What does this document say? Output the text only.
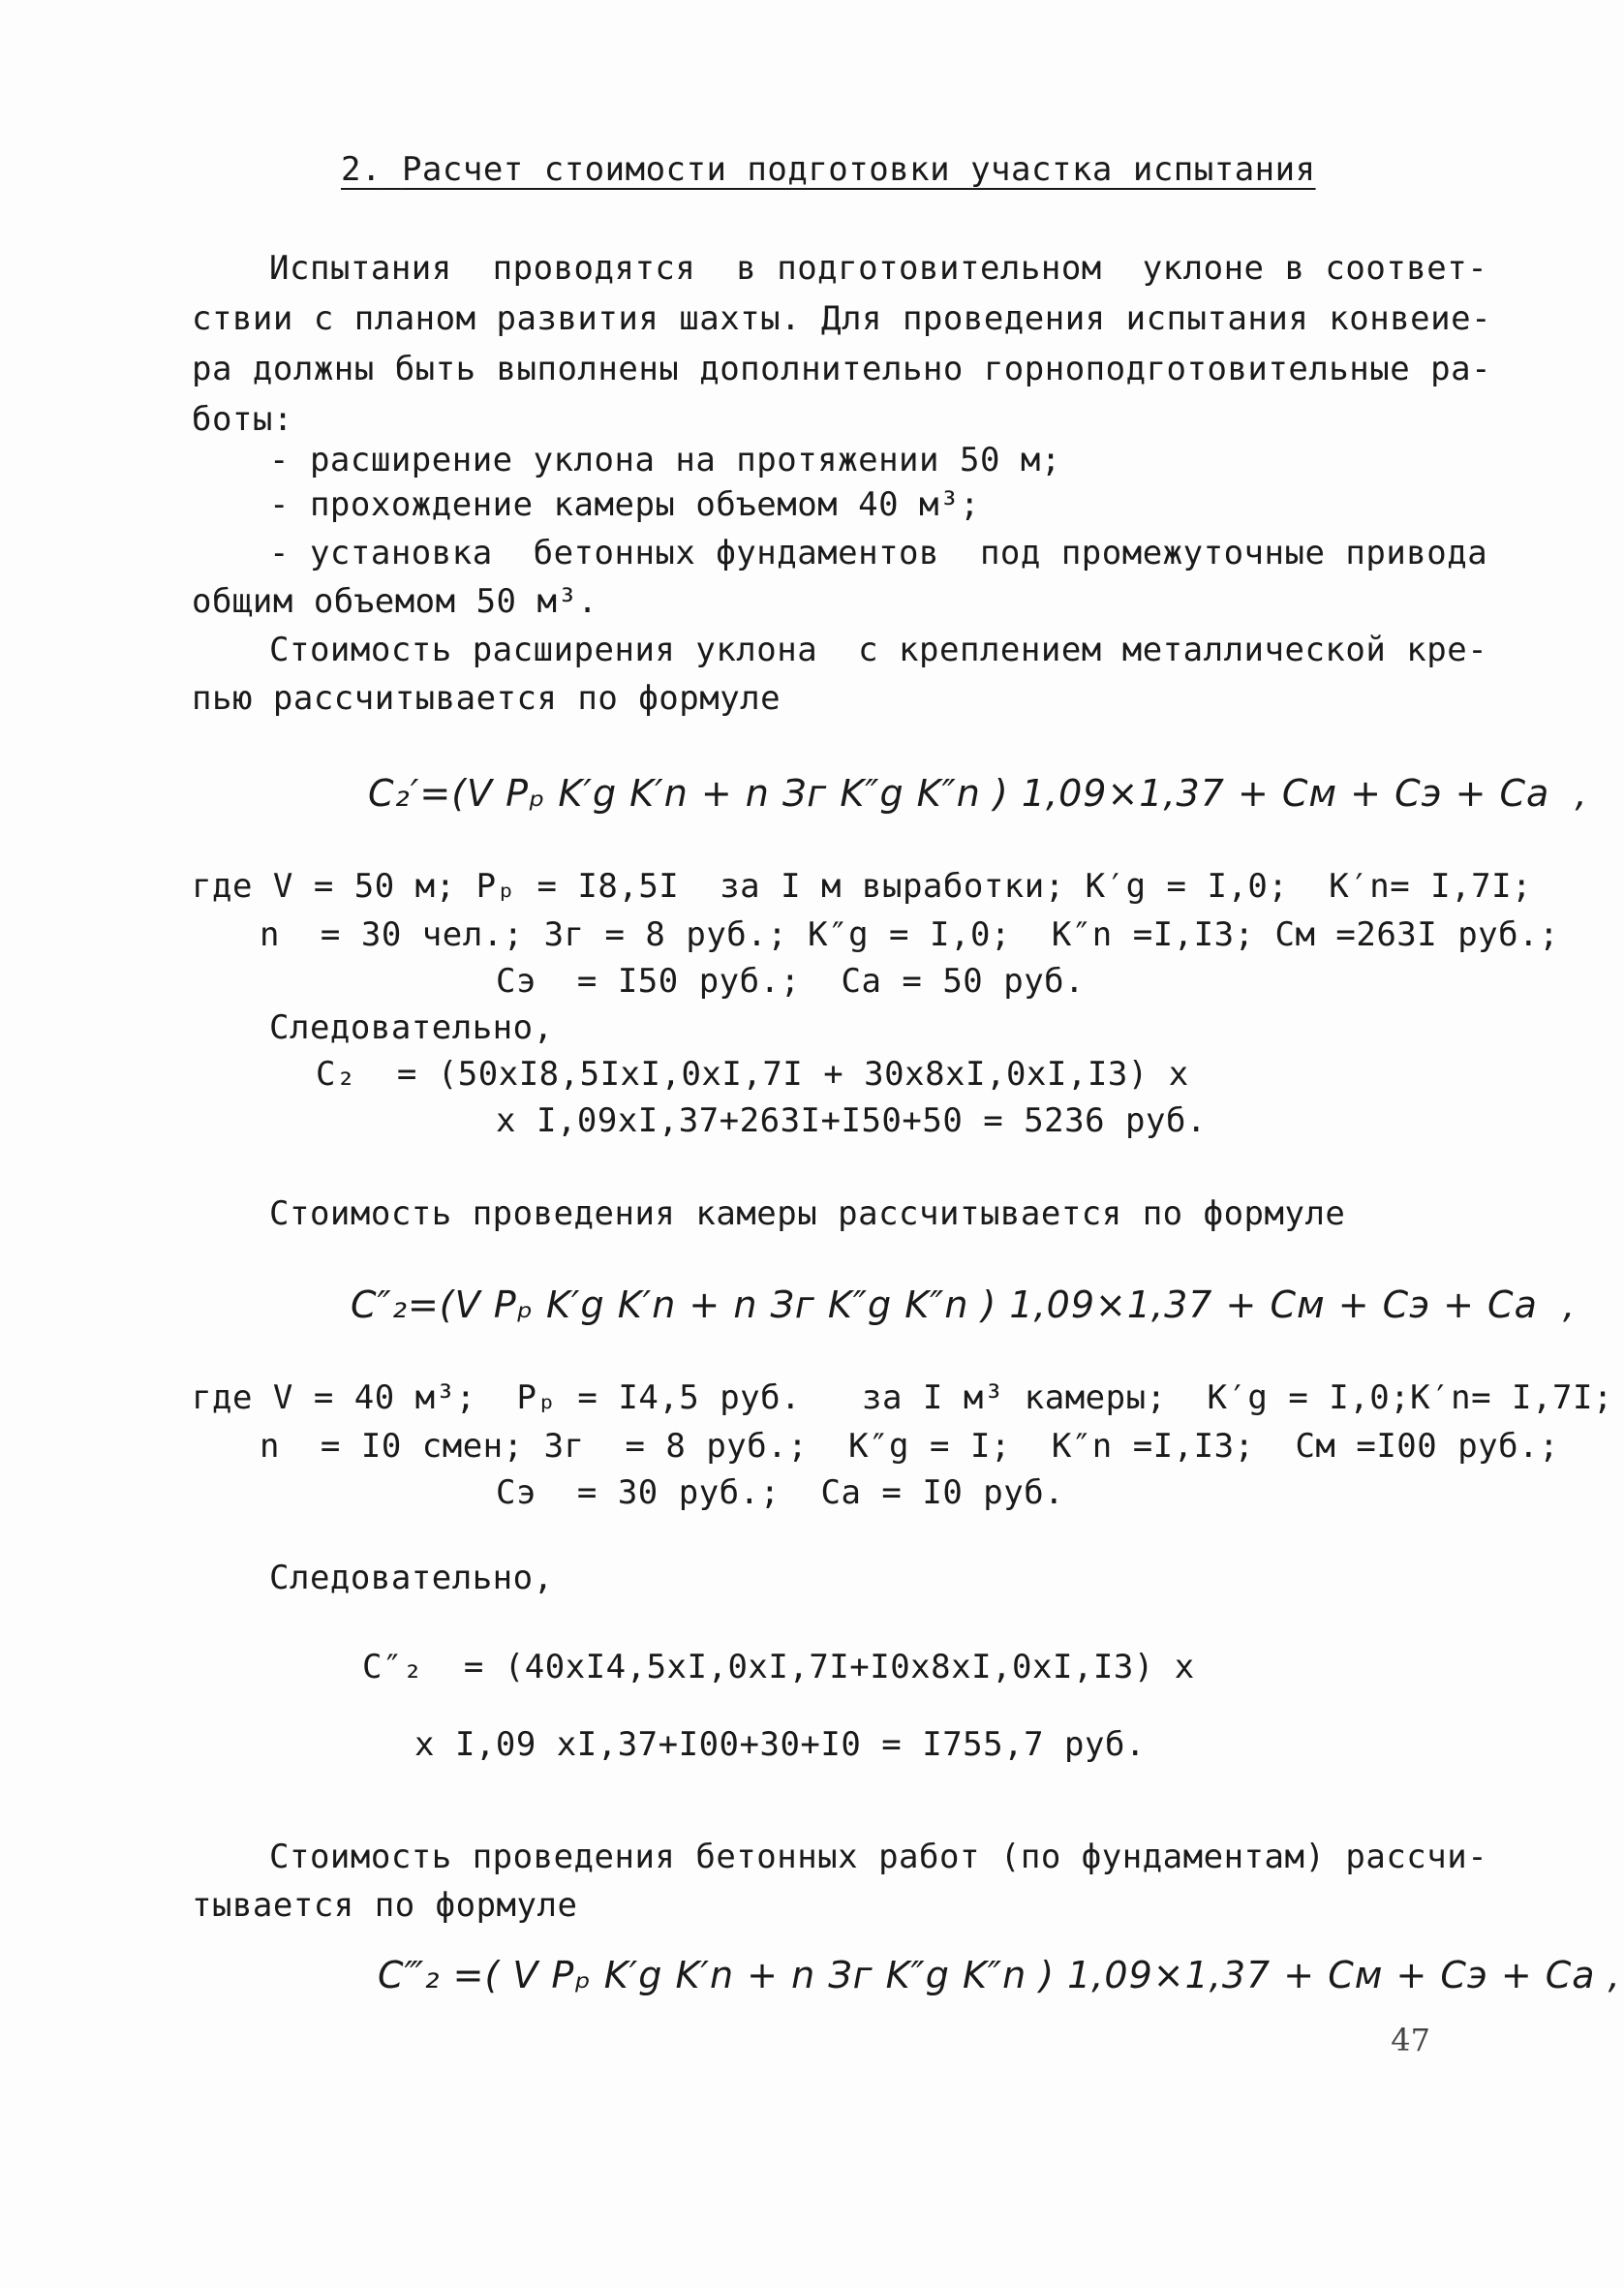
2. Расчет стоимости подготовки участка испытания
Испытания  проводятся  в подготовительном  уклоне в соответ-
ствии с планом развития шахты. Для проведения испытания конвеие-
ра должны быть выполнены дополнительно горноподготовительные ра-
боты:
- расширение уклона на протяжении 50 м;
- прохождение камеры объемом 40 м³;
- установка  бетонных фундаментов  под промежуточные привода
общим объемом 50 м³.
Стоимость расширения уклона  с креплением металлической кре-
пью рассчитывается по формуле
C₂′=(V Pₚ K′g K′n + n Зг K″g K″n ) 1,09×1,37 + Cм + Cэ + Ca  ,
где V = 50 м; Pₚ = I8,5I  за I м выработки; K′g = I,0;  K′n= I,7I;
n  = 30 чел.; Зг = 8 руб.; K″g = I,0;  K″n =I,I3; Cм =263I руб.;
Cэ  = I50 руб.;  Ca = 50 руб.
Следовательно,
C₂  = (50xI8,5IxI,0xI,7I + 30x8xI,0xI,I3) x
x I,09xI,37+263I+I50+50 = 5236 руб.
Стоимость проведения камеры рассчитывается по формуле
C″₂=(V Pₚ K′g K′n + n Зг K″g K″n ) 1,09×1,37 + Cм + Cэ + Ca  ,
где V = 40 м³;  Pₚ = I4,5 руб.   за I м³ камеры;  K′g = I,0;K′n= I,7I;
n  = I0 смен; Зг  = 8 руб.;  K″g = I;  K″n =I,I3;  Cм =I00 руб.;
Cэ  = 30 руб.;  Ca = I0 руб.
Следовательно,
C″₂  = (40xI4,5xI,0xI,7I+I0x8xI,0xI,I3) x
x I,09 xI,37+I00+30+I0 = I755,7 руб.
Стоимость проведения бетонных работ (по фундаментам) рассчи-
тывается по формуле
C‴₂ =( V Pₚ K′g K′n + n Зг K″g K″n ) 1,09×1,37 + Cм + Cэ + Ca ,
47
